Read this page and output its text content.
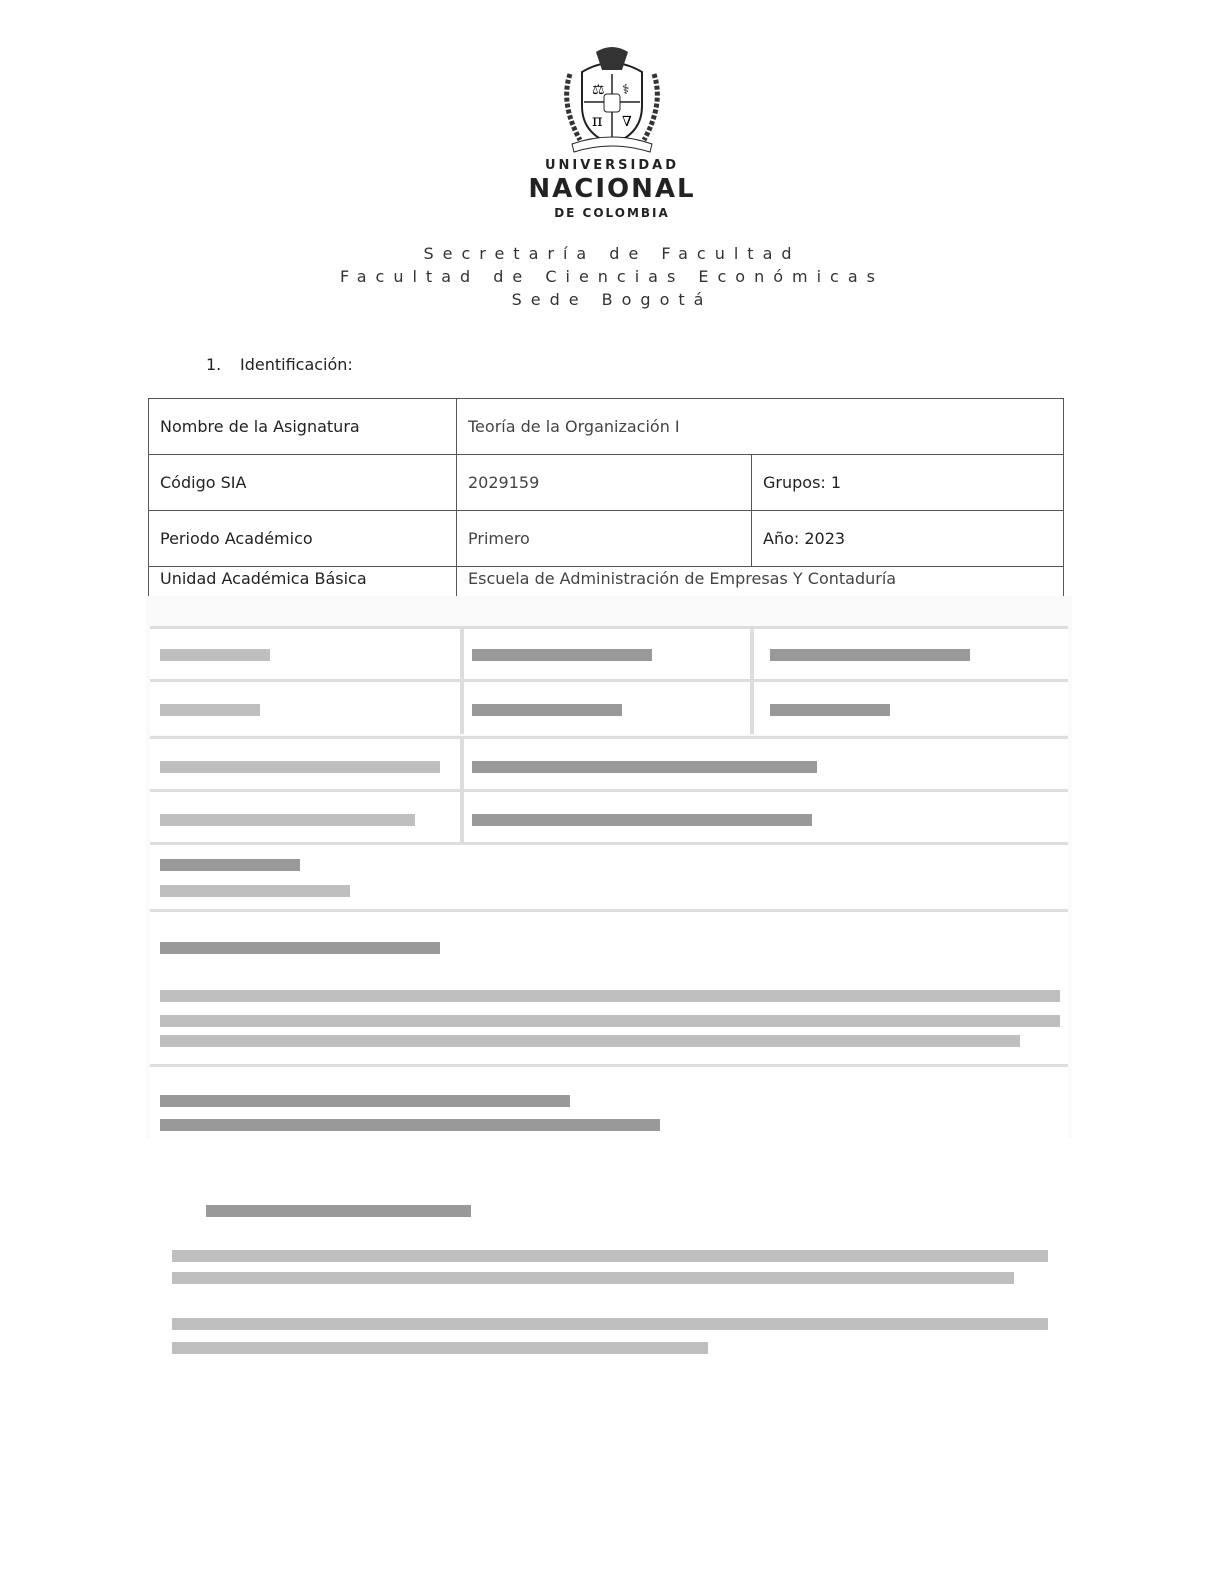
⚖ ⚕
π ∇
UNIVERSIDAD
NACIONAL
DE COLOMBIA
Secretaría de Facultad
Facultad de Ciencias Económicas
Sede Bogotá
1. Identificación:
Nombre de la Asignatura	Teoría de la Organización I	
Código SIA	2029159	Grupos: 1
Periodo Académico	Primero	Año: 2023
Unidad Académica Básica	Escuela de Administración de Empresas Y Contaduría	
